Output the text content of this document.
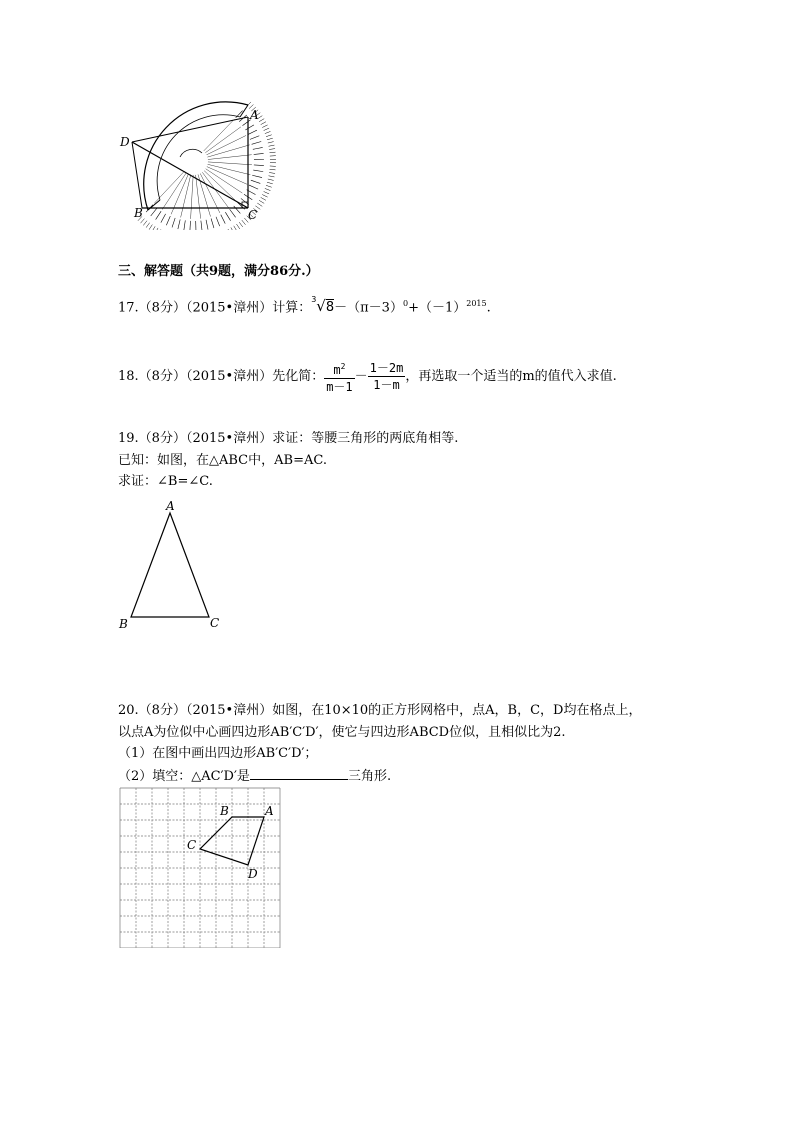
A
D
B	C
三、解答题（共9题，满分86分.）
17.（8分）（2015•漳州）计算：$^3√8-(\pi-3)^0+(-1)^{2015}$.
18.（8分）（2015•漳州）先化简： $\frac{m^2}{m-1} - \frac{1-2m}{1-m}$ ，再选取一个适当的m的值代入求值.
19.（8分）（2015•漳州）求证：等腰三角形的两底角相等.
已知：如图，在△ABC中，AB=AC.
求证：∠B=∠C.
A
B	C
20.（8分）（2015•漳州）如图，在10×10的正方形网格中，点A，B，C，D均在格点上，
以点A为位似中心画四边形AB′C′D′，使它与四边形ABCD位似，且相似比为2.
（1）在图中画出四边形AB′C′D′；
（2）填空：△AC′D′是	三角形.
B	A
C
D
